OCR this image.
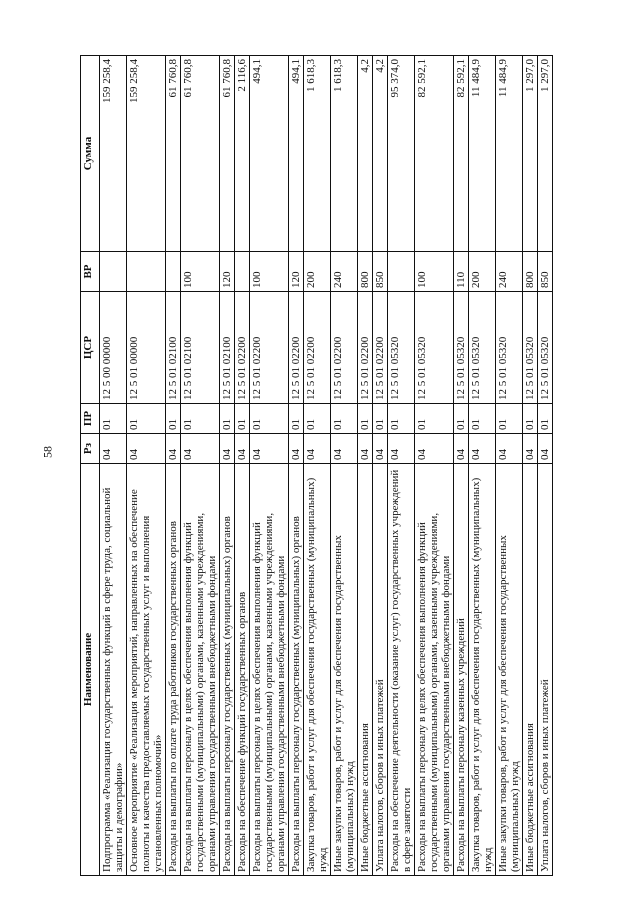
58
Наименование	Рз	ПР	ЦСР	ВР	Сумма
Подпрограмма «Реализация государственных функций в сфере труда, социальной защиты и демографии»	04	01	12 5 00 00000		159 258,4
Основное мероприятие «Реализация мероприятий, направленных на обеспечение полноты и качества предоставляемых государственных услуг и выполнения установленных полномочий»	04	01	12 5 01 00000		159 258,4
Расходы на выплаты по оплате труда работников государственных органов	04	01	12 5 01 02100		61 760,8
Расходы на выплаты персоналу в целях обеспечения выполнения функций государственными (муниципальными) органами, казенными учреждениями, органами управления государственными внебюджетными фондами	04	01	12 5 01 02100	100	61 760,8
Расходы на выплаты персоналу государственных (муниципальных) органов	04	01	12 5 01 02100	120	61 760,8
Расходы на обеспечение функций государственных органов	04	01	12 5 01 02200		2 116,6
Расходы на выплаты персоналу в целях обеспечения выполнения функций государственными (муниципальными) органами, казенными учреждениями, органами управления государственными внебюджетными фондами	04	01	12 5 01 02200	100	494,1
Расходы на выплаты персоналу государственных (муниципальных) органов	04	01	12 5 01 02200	120	494,1
Закупка товаров, работ и услуг для обеспечения государственных (муниципальных) нужд	04	01	12 5 01 02200	200	1 618,3
Иные закупки товаров, работ и услуг для обеспечения государственных (муниципальных) нужд	04	01	12 5 01 02200	240	1 618,3
Иные бюджетные ассигнования	04	01	12 5 01 02200	800	4,2
Уплата налогов, сборов и иных платежей	04	01	12 5 01 02200	850	4,2
Расходы на обеспечение деятельности (оказание услуг) государственных учреждений в сфере занятости	04	01	12 5 01 05320		95 374,0
Расходы на выплаты персоналу в целях обеспечения выполнения функций государственными (муниципальными) органами, казенными учреждениями, органами управления государственными внебюджетными фондами	04	01	12 5 01 05320	100	82 592,1
Расходы на выплаты персоналу казенных учреждений	04	01	12 5 01 05320	110	82 592,1
Закупка товаров, работ и услуг для обеспечения государственных (муниципальных) нужд	04	01	12 5 01 05320	200	11 484,9
Иные закупки товаров, работ и услуг для обеспечения государственных (муниципальных) нужд	04	01	12 5 01 05320	240	11 484,9
Иные бюджетные ассигнования	04	01	12 5 01 05320	800	1 297,0
Уплата налогов, сборов и иных платежей	04	01	12 5 01 05320	850	1 297,0
